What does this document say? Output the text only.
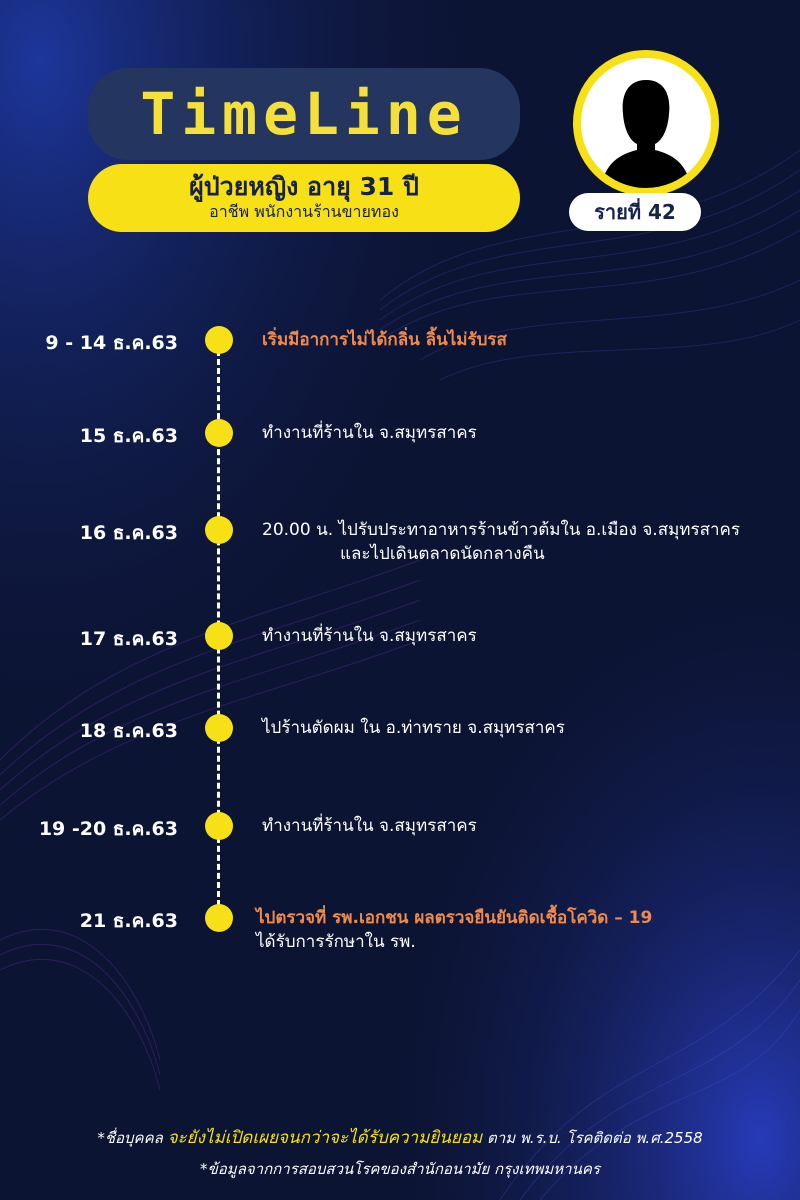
TimeLine
ผู้ป่วยหญิง อายุ 31 ปี
อาชีพ พนักงานร้านขายทอง	รายที่ 42
9 - 14 ธ.ค.63	เริ่มมีอาการไม่ได้กลิ่น ลิ้นไม่รับรส
15 ธ.ค.63	ทำงานที่ร้านใน จ.สมุทรสาคร
16 ธ.ค.63	20.00 น. ไปรับประทาอาหารร้านข้าวต้มใน อ.เมือง จ.สมุทรสาคร
และไปเดินตลาดนัดกลางคืน
17 ธ.ค.63	ทำงานที่ร้านใน จ.สมุทรสาคร
18 ธ.ค.63	ไปร้านตัดผม ใน อ.ท่าทราย จ.สมุทรสาคร
19 -20 ธ.ค.63	ทำงานที่ร้านใน จ.สมุทรสาคร
21 ธ.ค.63	ไปตรวจที่ รพ.เอกชน ผลตรวจยืนยันติดเชื้อโควิด – 19
ได้รับการรักษาใน รพ.
*ชื่อบุคคล จะยังไม่เปิดเผยจนกว่าจะได้รับความยินยอม ตาม พ.ร.บ. โรคติดต่อ พ.ศ.2558
*ข้อมูลจากการสอบสวนโรคของสำนักอนามัย กรุงเทพมหานคร
